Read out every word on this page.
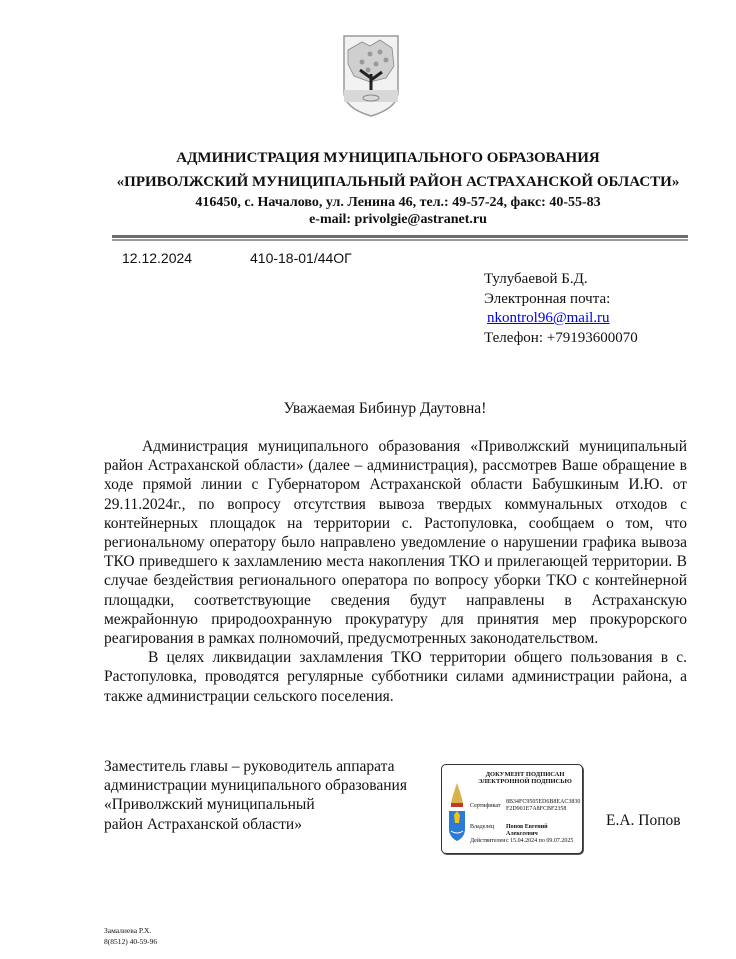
АДМИНИСТРАЦИЯ МУНИЦИПАЛЬНОГО ОБРАЗОВАНИЯ
«ПРИВОЛЖСКИЙ МУНИЦИПАЛЬНЫЙ РАЙОН АСТРАХАНСКОЙ ОБЛАСТИ»
416450, с. Началово, ул. Ленина 46, тел.: 49-57-24, факс: 40-55-83
e-mail: privolgie@astranet.ru
12.12.2024	410-18-01/44ОГ
Тулубаевой Б.Д.
Электронная почта:
nkontrol96@mail.ru
Телефон: +79193600070
Уважаемая Бибинур Даутовна!

Администрация муниципального образования «Приволжский муниципальный район Астраханской области» (далее – администрация), рассмотрев Ваше обращение в ходе прямой линии с Губернатором Астраханской области Бабушкиным И.Ю. от 29.11.2024г., по вопросу отсутствия вывоза твердых коммунальных отходов с контейнерных площадок на территории с. Растопуловка, сообщаем о том, что региональному оператору было направлено уведомление о нарушении графика вывоза ТКО приведшего к захламлению места накопления ТКО и прилегающей территории. В случае бездействия регионального оператора по вопросу уборки ТКО с контейнерной площадки, соответствующие сведения будут направлены в Астраханскую межрайонную природоохранную прокуратуру для принятия мер прокурорского реагирования в рамках полномочий, предусмотренных законодательством.

В целях ликвидации захламления ТКО территории общего пользования в с. Растопуловка, проводятся регулярные субботники силами администрации района, а также администрации сельского поселения.

Заместитель главы – руководитель аппарата
администрации муниципального образования
«Приволжский муниципальный
район Астраханской области»
ДОКУМЕНТ ПОДПИСАН
ЭЛЕКТРОННОЙ ПОДПИСЬЮ
Сертификат
8B34FC9505ED6B8EAC3830
F2D901E7A8FCBF2358
Владелец	Попов Евгений Алексеевич
Действителен с 15.04.2024 по 09.07.2025
Е.А. Попов
Замалиева Р.Х.
8(8512) 40-59-96
